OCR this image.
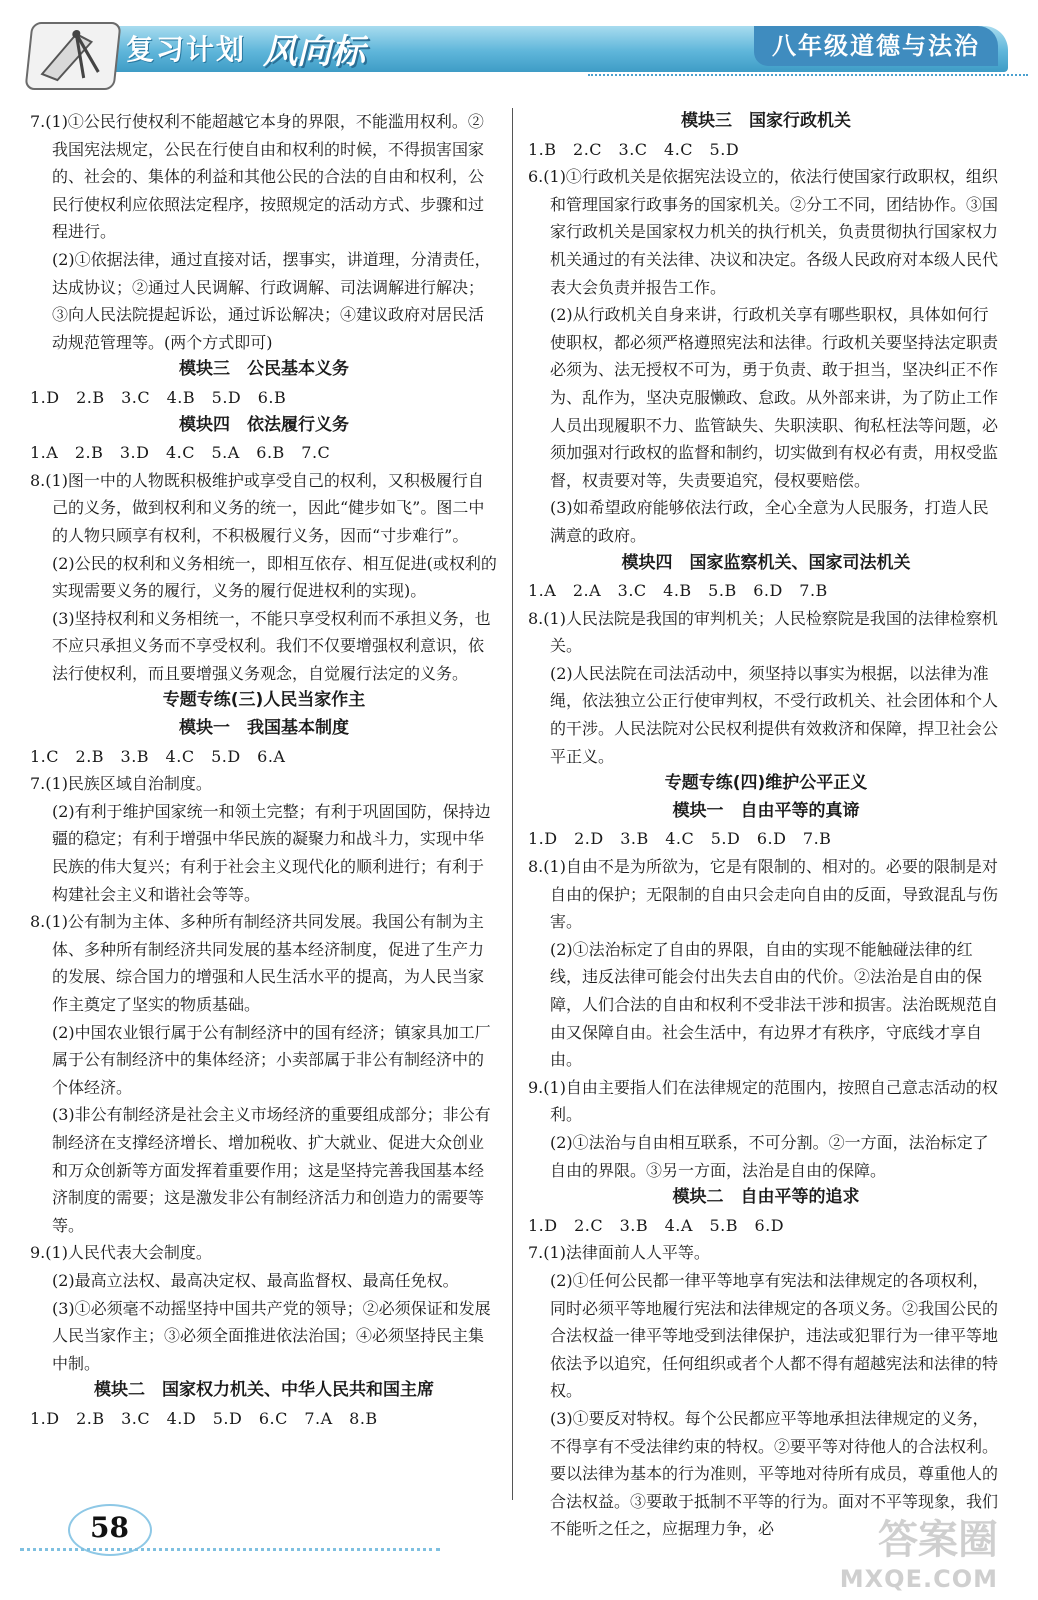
复习计划 风向标	八年级道德与法治

7.(1)①公民行使权利不能超越它本身的界限，不能滥用权利。②我国宪法规定，公民在行使自由和权利的时候，不得损害国家的、社会的、集体的利益和其他公民的合法的自由和权利，公民行使权利应依照法定程序，按照规定的活动方式、步骤和过程进行。

(2)①依据法律，通过直接对话，摆事实，讲道理，分清责任，达成协议；②通过人民调解、行政调解、司法调解进行解决；③向人民法院提起诉讼，通过诉讼解决；④建议政府对居民活动规范管理等。(两个方式即可)

模块三　公民基本义务

1.D　2.B　3.C　4.B　5.D　6.B

模块四　依法履行义务

1.A　2.B　3.D　4.C　5.A　6.B　7.C

8.(1)图一中的人物既积极维护或享受自己的权利，又积极履行自己的义务，做到权利和义务的统一，因此“健步如飞”。图二中的人物只顾享有权利，不积极履行义务，因而“寸步难行”。

(2)公民的权利和义务相统一，即相互依存、相互促进(或权利的实现需要义务的履行，义务的履行促进权利的实现)。

(3)坚持权利和义务相统一，不能只享受权利而不承担义务，也不应只承担义务而不享受权利。我们不仅要增强权利意识，依法行使权利，而且要增强义务观念，自觉履行法定的义务。

专题专练(三)人民当家作主

模块一　我国基本制度

1.C　2.B　3.B　4.C　5.D　6.A

7.(1)民族区域自治制度。

(2)有利于维护国家统一和领土完整；有利于巩固国防，保持边疆的稳定；有利于增强中华民族的凝聚力和战斗力，实现中华民族的伟大复兴；有利于社会主义现代化的顺利进行；有利于构建社会主义和谐社会等等。

8.(1)公有制为主体、多种所有制经济共同发展。我国公有制为主体、多种所有制经济共同发展的基本经济制度，促进了生产力的发展、综合国力的增强和人民生活水平的提高，为人民当家作主奠定了坚实的物质基础。

(2)中国农业银行属于公有制经济中的国有经济；镇家具加工厂属于公有制经济中的集体经济；小卖部属于非公有制经济中的个体经济。

(3)非公有制经济是社会主义市场经济的重要组成部分；非公有制经济在支撑经济增长、增加税收、扩大就业、促进大众创业和万众创新等方面发挥着重要作用；这是坚持完善我国基本经济制度的需要；这是激发非公有制经济活力和创造力的需要等等。

9.(1)人民代表大会制度。

(2)最高立法权、最高决定权、最高监督权、最高任免权。

(3)①必须毫不动摇坚持中国共产党的领导；②必须保证和发展人民当家作主；③必须全面推进依法治国；④必须坚持民主集中制。

模块二　国家权力机关、中华人民共和国主席

1.D　2.B　3.C　4.D　5.D　6.C　7.A　8.B

模块三　国家行政机关

1.B　2.C　3.C　4.C　5.D

6.(1)①行政机关是依据宪法设立的，依法行使国家行政职权，组织和管理国家行政事务的国家机关。②分工不同，团结协作。③国家行政机关是国家权力机关的执行机关，负责贯彻执行国家权力机关通过的有关法律、决议和决定。各级人民政府对本级人民代表大会负责并报告工作。

(2)从行政机关自身来讲，行政机关享有哪些职权，具体如何行使职权，都必须严格遵照宪法和法律。行政机关要坚持法定职责必须为、法无授权不可为，勇于负责、敢于担当，坚决纠正不作为、乱作为，坚决克服懒政、怠政。从外部来讲，为了防止工作人员出现履职不力、监管缺失、失职渎职、徇私枉法等问题，必须加强对行政权的监督和制约，切实做到有权必有责，用权受监督，权责要对等，失责要追究，侵权要赔偿。

(3)如希望政府能够依法行政，全心全意为人民服务，打造人民满意的政府。

模块四　国家监察机关、国家司法机关

1.A　2.A　3.C　4.B　5.B　6.D　7.B

8.(1)人民法院是我国的审判机关；人民检察院是我国的法律检察机关。

(2)人民法院在司法活动中，须坚持以事实为根据，以法律为准绳，依法独立公正行使审判权，不受行政机关、社会团体和个人的干涉。人民法院对公民权利提供有效救济和保障，捍卫社会公平正义。

专题专练(四)维护公平正义

模块一　自由平等的真谛

1.D　2.D　3.B　4.C　5.D　6.D　7.B

8.(1)自由不是为所欲为，它是有限制的、相对的。必要的限制是对自由的保护；无限制的自由只会走向自由的反面，导致混乱与伤害。

(2)①法治标定了自由的界限，自由的实现不能触碰法律的红线，违反法律可能会付出失去自由的代价。②法治是自由的保障，人们合法的自由和权利不受非法干涉和损害。法治既规范自由又保障自由。社会生活中，有边界才有秩序，守底线才享自由。

9.(1)自由主要指人们在法律规定的范围内，按照自己意志活动的权利。

(2)①法治与自由相互联系，不可分割。②一方面，法治标定了自由的界限。③另一方面，法治是自由的保障。

模块二　自由平等的追求

1.D　2.C　3.B　4.A　5.B　6.D

7.(1)法律面前人人平等。

(2)①任何公民都一律平等地享有宪法和法律规定的各项权利，同时必须平等地履行宪法和法律规定的各项义务。②我国公民的合法权益一律平等地受到法律保护，违法或犯罪行为一律平等地依法予以追究，任何组织或者个人都不得有超越宪法和法律的特权。

(3)①要反对特权。每个公民都应平等地承担法律规定的义务，不得享有不受法律约束的特权。②要平等对待他人的合法权利。要以法律为基本的行为准则，平等地对待所有成员，尊重他人的合法权益。③要敢于抵制不平等的行为。面对不平等现象，我们不能听之任之，应据理力争，必

58	答案圈
MXQE.COM
